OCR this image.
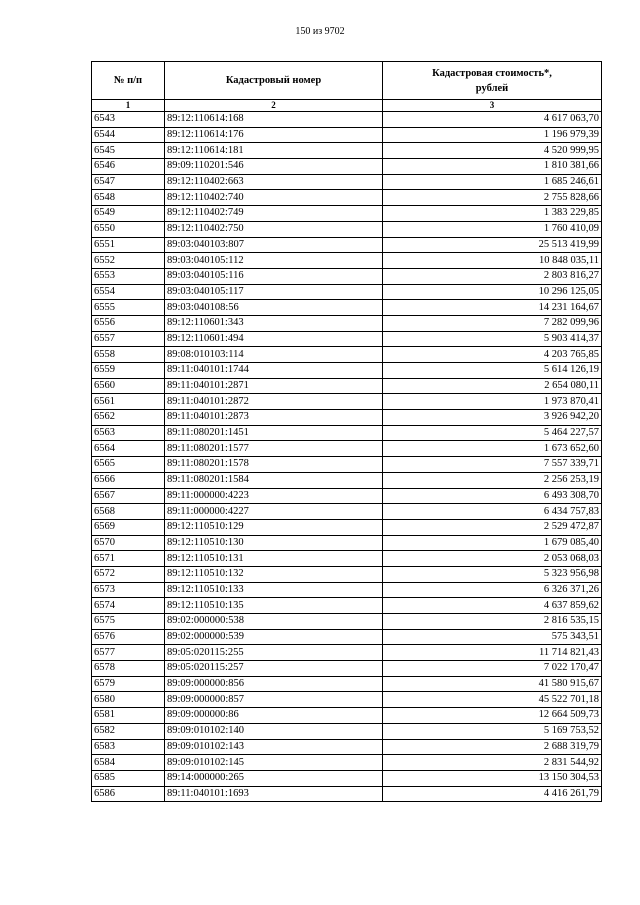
150 из 9702
№ п/п	Кадастровый номер	Кадастровая стоимость*,
рублей
1	2	3
6543	89:12:110614:168	4 617 063,70
6544	89:12:110614:176	1 196 979,39
6545	89:12:110614:181	4 520 999,95
6546	89:09:110201:546	1 810 381,66
6547	89:12:110402:663	1 685 246,61
6548	89:12:110402:740	2 755 828,66
6549	89:12:110402:749	1 383 229,85
6550	89:12:110402:750	1 760 410,09
6551	89:03:040103:807	25 513 419,99
6552	89:03:040105:112	10 848 035,11
6553	89:03:040105:116	2 803 816,27
6554	89:03:040105:117	10 296 125,05
6555	89:03:040108:56	14 231 164,67
6556	89:12:110601:343	7 282 099,96
6557	89:12:110601:494	5 903 414,37
6558	89:08:010103:114	4 203 765,85
6559	89:11:040101:1744	5 614 126,19
6560	89:11:040101:2871	2 654 080,11
6561	89:11:040101:2872	1 973 870,41
6562	89:11:040101:2873	3 926 942,20
6563	89:11:080201:1451	5 464 227,57
6564	89:11:080201:1577	1 673 652,60
6565	89:11:080201:1578	7 557 339,71
6566	89:11:080201:1584	2 256 253,19
6567	89:11:000000:4223	6 493 308,70
6568	89:11:000000:4227	6 434 757,83
6569	89:12:110510:129	2 529 472,87
6570	89:12:110510:130	1 679 085,40
6571	89:12:110510:131	2 053 068,03
6572	89:12:110510:132	5 323 956,98
6573	89:12:110510:133	6 326 371,26
6574	89:12:110510:135	4 637 859,62
6575	89:02:000000:538	2 816 535,15
6576	89:02:000000:539	575 343,51
6577	89:05:020115:255	11 714 821,43
6578	89:05:020115:257	7 022 170,47
6579	89:09:000000:856	41 580 915,67
6580	89:09:000000:857	45 522 701,18
6581	89:09:000000:86	12 664 509,73
6582	89:09:010102:140	5 169 753,52
6583	89:09:010102:143	2 688 319,79
6584	89:09:010102:145	2 831 544,92
6585	89:14:000000:265	13 150 304,53
6586	89:11:040101:1693	4 416 261,79
